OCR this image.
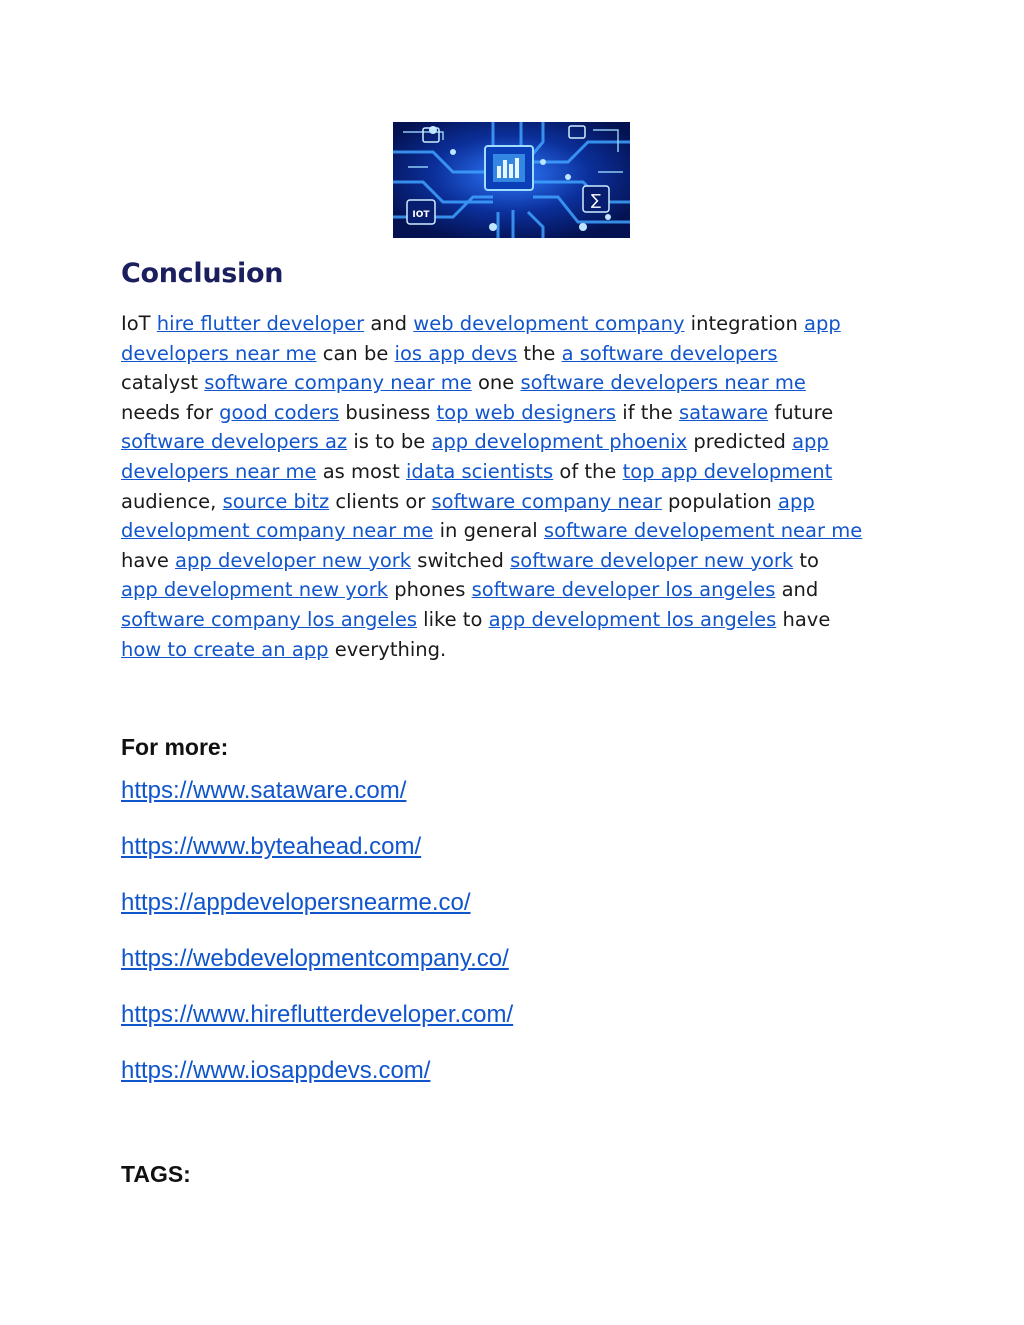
IOT
∑
Conclusion

IoT hire flutter developer and web development company integration app
developers near me can be ios app devs the a software developers
catalyst software company near me one software developers near me
needs for good coders business top web designers if the sataware future
software developers az is to be app development phoenix predicted app
developers near me as most idata scientists of the top app development
audience, source bitz clients or software company near population app
development company near me in general software developement near me
have app developer new york switched software developer new york to
app development new york phones software developer los angeles and
software company los angeles like to app development los angeles have
how to create an app everything.

For more:
https://www.sataware.com/
https://www.byteahead.com/
https://appdevelopersnearme.co/
https://webdevelopmentcompany.co/
https://www.hireflutterdeveloper.com/
https://www.iosappdevs.com/
TAGS:
